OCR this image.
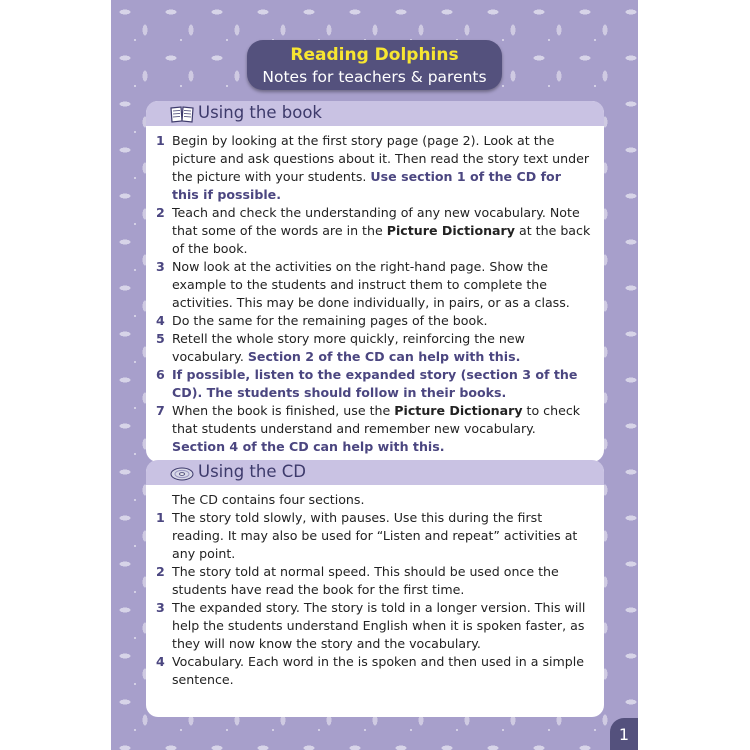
Reading Dolphins
Notes for teachers & parents
Using the book
1 Begin by looking at the first story page (page 2). Look at the picture and ask questions about it. Then read the story text under the picture with your students. Use section 1 of the CD for this if possible.
2 Teach and check the understanding of any new vocabulary. Note that some of the words are in the Picture Dictionary at the back of the book.
3 Now look at the activities on the right-hand page. Show the example to the students and instruct them to complete the activities. This may be done individually, in pairs, or as a class.
4 Do the same for the remaining pages of the book.
5 Retell the whole story more quickly, reinforcing the new vocabulary. Section 2 of the CD can help with this.
6 If possible, listen to the expanded story (section 3 of the CD). The students should follow in their books.
7 When the book is finished, use the Picture Dictionary to check that students understand and remember new vocabulary. Section 4 of the CD can help with this.
Using the CD
The CD contains four sections.
1 The story told slowly, with pauses. Use this during the first reading. It may also be used for “Listen and repeat” activities at any point.
2 The story told at normal speed. This should be used once the students have read the book for the first time.
3 The expanded story. The story is told in a longer version. This will help the students understand English when it is spoken faster, as they will now know the story and the vocabulary.
4 Vocabulary. Each word in the is spoken and then used in a simple sentence.
1
